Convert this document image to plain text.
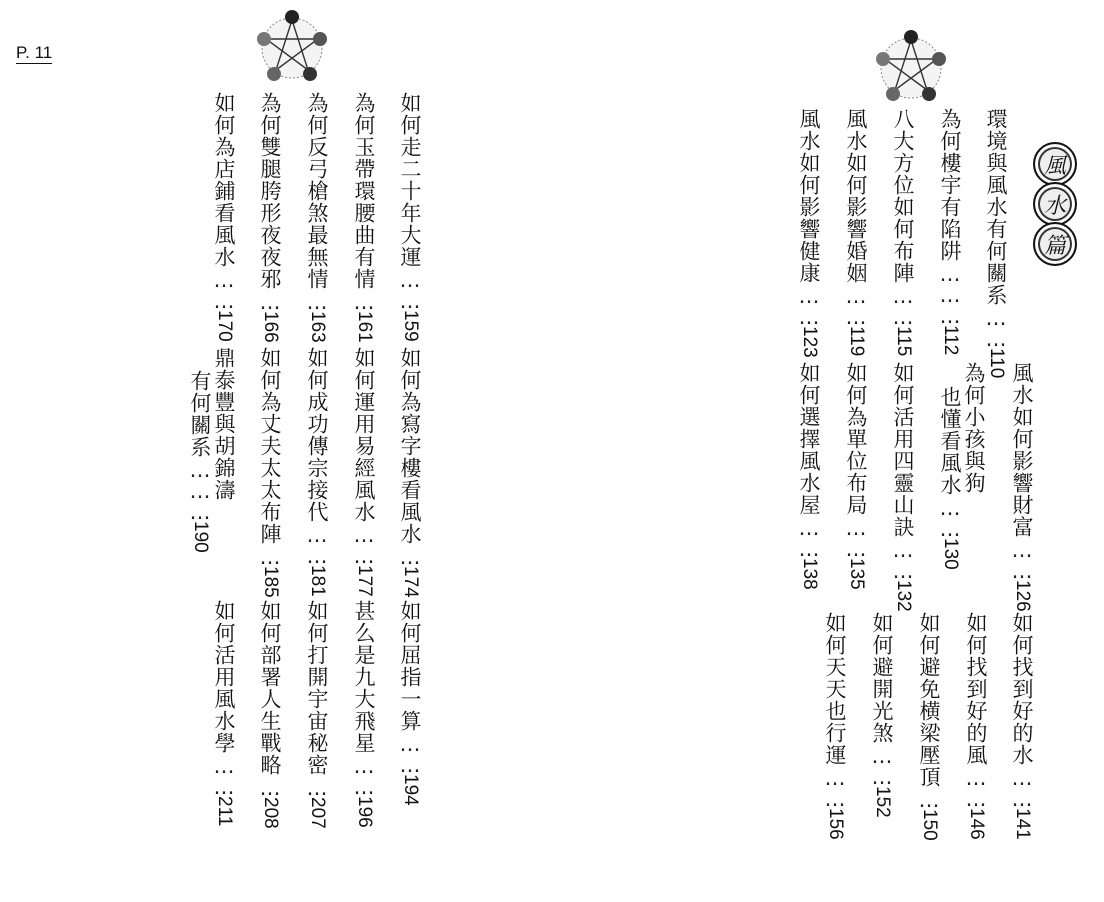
P. 11
風
水
篇
環境與風水有何關系……110
為何樓宇有陷阱………112
八大方位如何布陣……115
風水如何影響婚姻……119
風水如何影響健康……123
風水如何影響財富……126
為何小孩與狗
也懂看風水……130
如何活用四靈山訣……132
如何為單位布局……135
如何選擇風水屋……138
如何找到好的水……141
如何找到好的風……146
如何避免横梁壓頂…150
如何避開光煞……152
如何天天也行運……156
如何走二十年大運……159
為何玉帶環腰曲有情…161
為何反弓槍煞最無情…163
為何雙腿胯形夜夜邪…166
如何為店鋪看風水……170
如何為寫字樓看風水…174
如何運用易經風水……177
如何成功傳宗接代……181
如何為丈夫太太布陣…185
鼎泰豐與胡錦濤
有何關系………190
如何屈指一算……194
甚么是九大飛星……196
如何打開宇宙秘密…207
如何部署人生戰略…208
如何活用風水學……211
